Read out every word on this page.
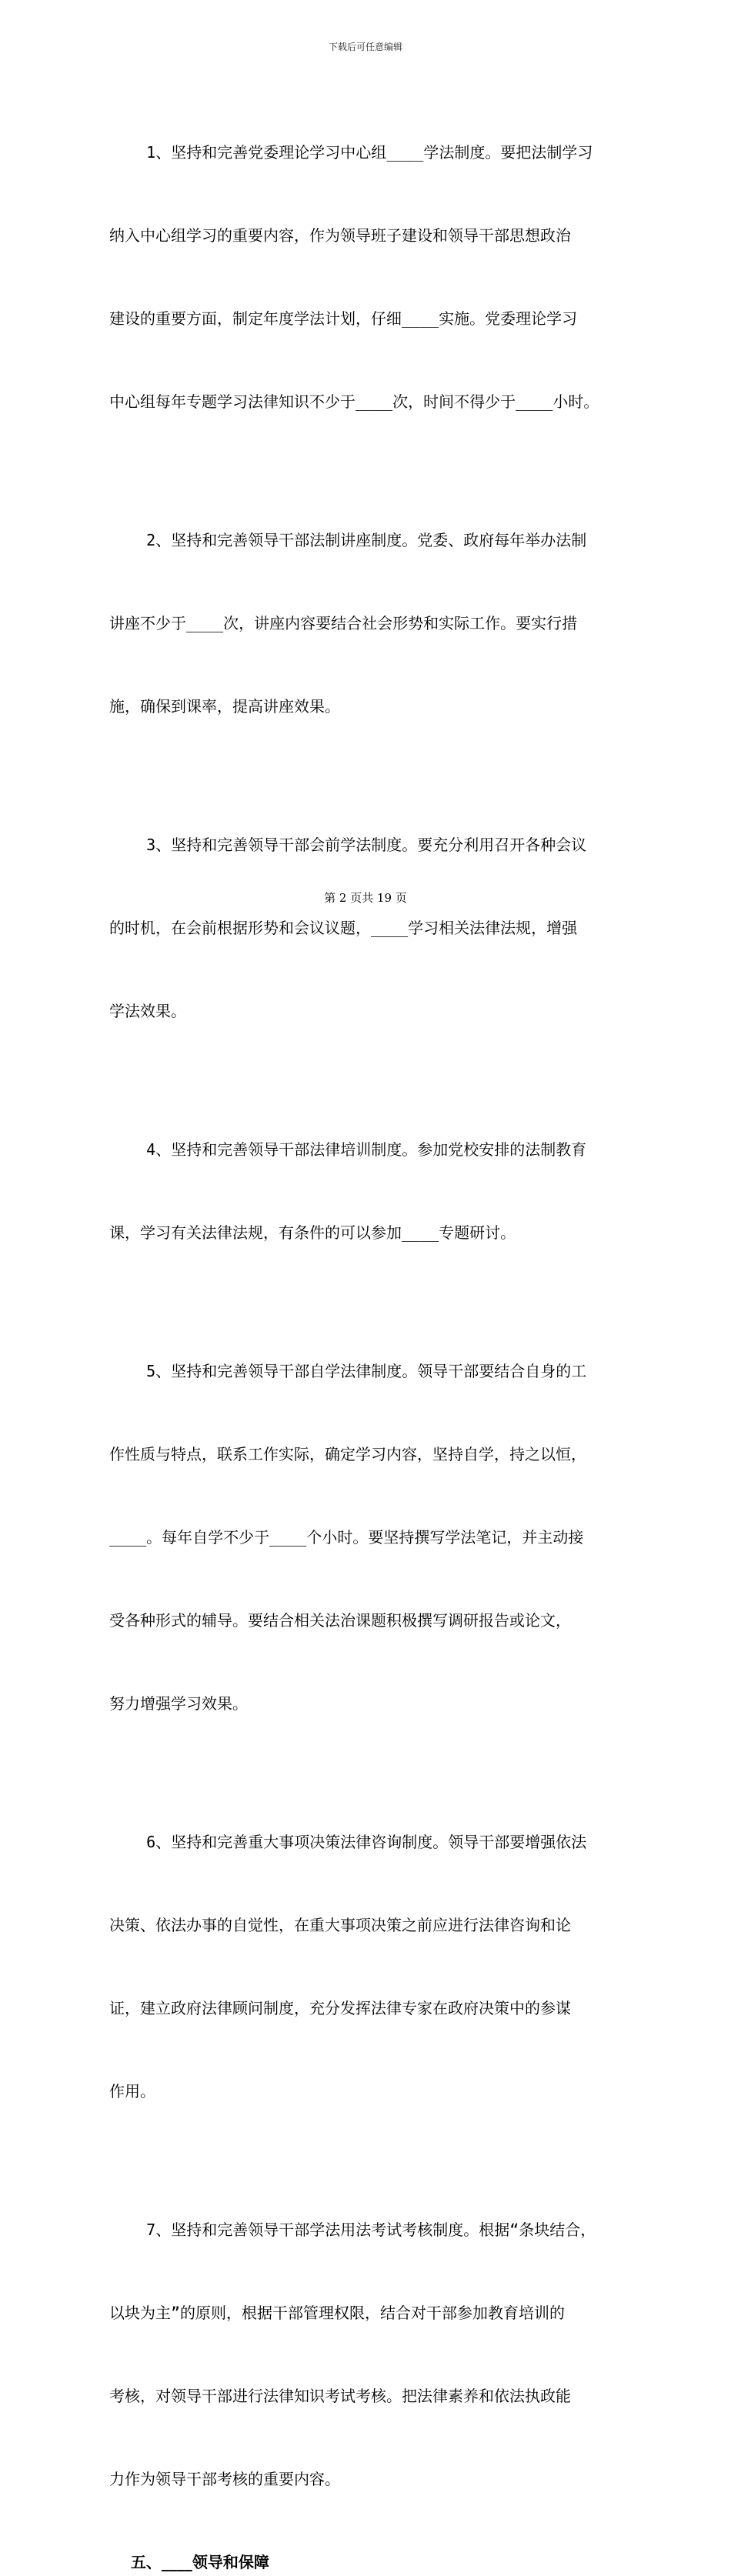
下载后可任意编辑

1、坚持和完善党委理论学习中心组____学法制度。要把法制学习

纳入中心组学习的重要内容，作为领导班子建设和领导干部思想政治

建设的重要方面，制定年度学法计划，仔细____实施。党委理论学习

中心组每年专题学习法律知识不少于____次，时间不得少于____小时。

2、坚持和完善领导干部法制讲座制度。党委、政府每年举办法制

讲座不少于____次，讲座内容要结合社会形势和实际工作。要实行措

施，确保到课率，提高讲座效果。

3、坚持和完善领导干部会前学法制度。要充分利用召开各种会议

的时机，在会前根据形势和会议议题，____学习相关法律法规，增强

学法效果。

4、坚持和完善领导干部法律培训制度。参加党校安排的法制教育

课，学习有关法律法规，有条件的可以参加____专题研讨。

5、坚持和完善领导干部自学法律制度。领导干部要结合自身的工

作性质与特点，联系工作实际，确定学习内容，坚持自学，持之以恒，

____。每年自学不少于____个小时。要坚持撰写学法笔记，并主动接

受各种形式的辅导。要结合相关法治课题积极撰写调研报告或论文，

努力增强学习效果。

6、坚持和完善重大事项决策法律咨询制度。领导干部要增强依法

决策、依法办事的自觉性，在重大事项决策之前应进行法律咨询和论

证，建立政府法律顾问制度，充分发挥法律专家在政府决策中的参谋

作用。

7、坚持和完善领导干部学法用法考试考核制度。根据“条块结合，

以块为主”的原则，根据干部管理权限，结合对干部参加教育培训的

考核，对领导干部进行法律知识考试考核。把法律素养和依法执政能

力作为领导干部考核的重要内容。

五、____领导和保障
第 2 页共 19 页
